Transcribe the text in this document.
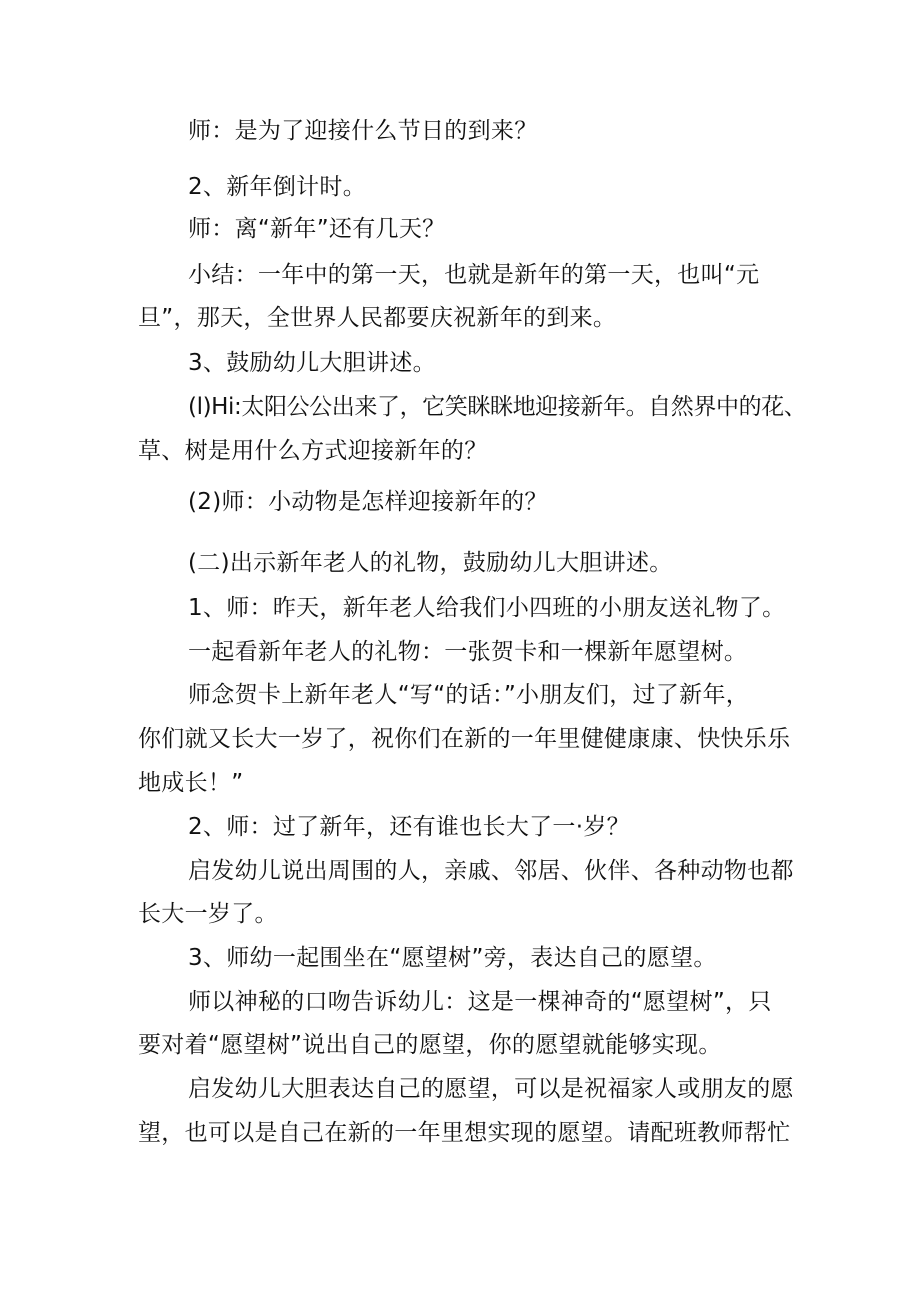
师：是为了迎接什么节日的到来？
2、新年倒计时。
师：离“新年”还有几天？
小结：一年中的第一天，也就是新年的第一天，也叫“元
旦”，那天，全世界人民都要庆祝新年的到来。
3、鼓励幼儿大胆讲述。
(l)Hi:太阳公公出来了，它笑眯眯地迎接新年。自然界中的花、
草、树是用什么方式迎接新年的？
(2)师：小动物是怎样迎接新年的？
(二)出示新年老人的礼物，鼓励幼儿大胆讲述。
1、师：昨天，新年老人给我们小四班的小朋友送礼物了。
一起看新年老人的礼物：一张贺卡和一棵新年愿望树。
师念贺卡上新年老人“写“的话：”小朋友们，过了新年，
你们就又长大一岁了，祝你们在新的一年里健健康康、快快乐乐
地成长！”
2、师：过了新年，还有谁也长大了一·岁？
启发幼儿说出周围的人，亲戚、邻居、伙伴、各种动物也都
长大一岁了。
3、师幼一起围坐在“愿望树”旁，表达自己的愿望。
师以神秘的口吻告诉幼儿：这是一棵神奇的“愿望树”，只
要对着“愿望树”说出自己的愿望，你的愿望就能够实现。
启发幼儿大胆表达自己的愿望，可以是祝福家人或朋友的愿
望，也可以是自己在新的一年里想实现的愿望。请配班教师帮忙
